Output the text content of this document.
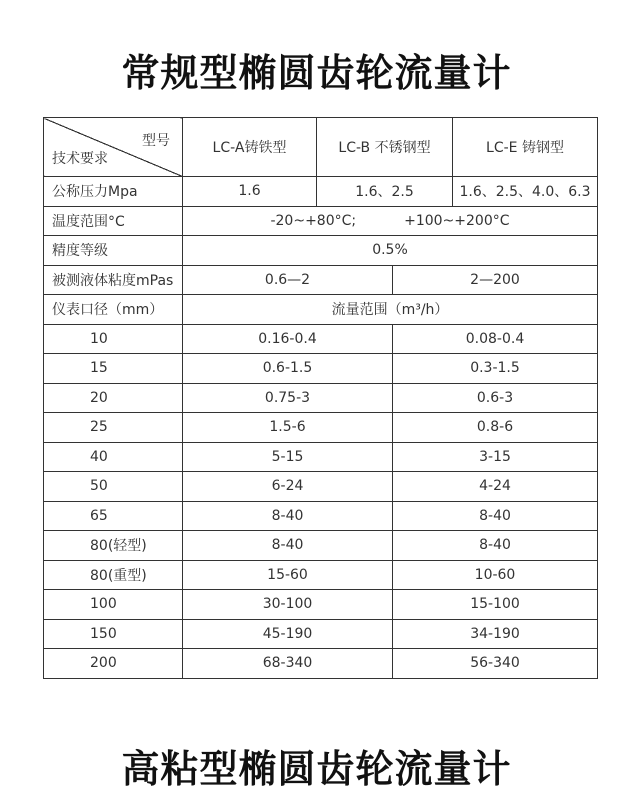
常规型椭圆齿轮流量计
型号
技术要求	LC-A铸铁型	LC-B 不锈钢型		LC-E 铸钢型
公称压力Mpa	1.6	1.6、2.5		1.6、2.5、4.0、6.3
温度范围°C	-20~+80°C; +100~+200°C			
精度等级	0.5%			
被测液体粘度mPas	0.6—2		2—200	
仪表口径（mm）	流量范围（m³/h）			
10	0.16-0.4		0.08-0.4	
15	0.6-1.5		0.3-1.5	
20	0.75-3		0.6-3	
25	1.5-6		0.8-6	
40	5-15		3-15	
50	6-24		4-24	
65	8-40		8-40	
80(轻型)	8-40		8-40	
80(重型)	15-60		10-60	
100	30-100		15-100	
150	45-190		34-190	
200	68-340		56-340	
高粘型椭圆齿轮流量计
